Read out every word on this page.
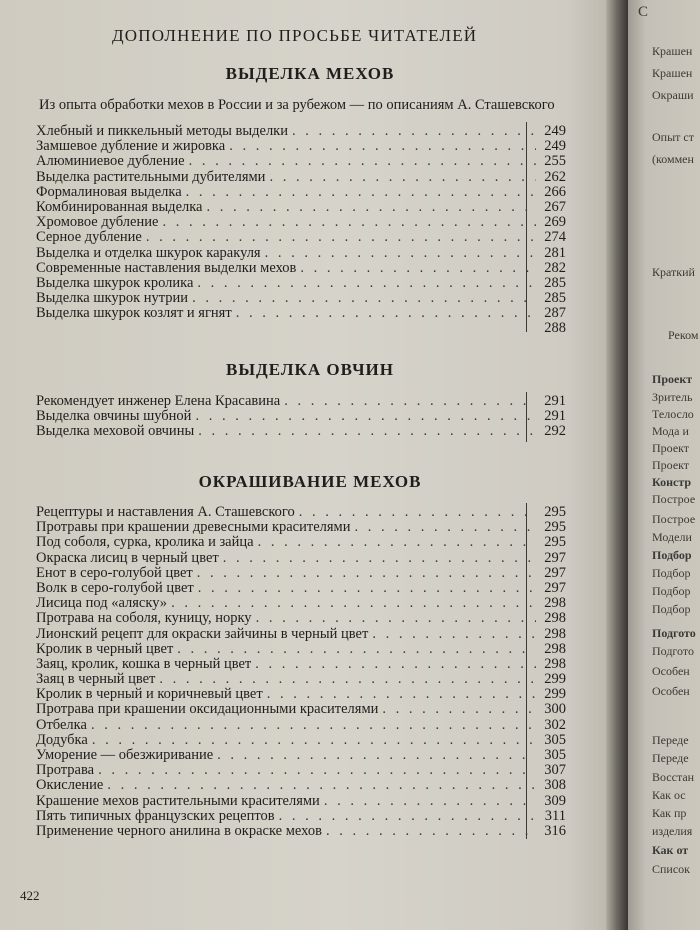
ДОПОЛНЕНИЕ ПО ПРОСЬБЕ ЧИТАТЕЛЕЙ
ВЫДЕЛКА МЕХОВ
Из опыта обработки мехов в России и за рубежом — по описаниям А. Сташевского
Хлебный и пиккельный методы выделки . . .	249
Замшевое дубление и жировка . . .	249
Алюминиевое дубление . . .	255
Выделка растительными дубителями . . .	262
Формалиновая выделка . . .	266
Комбинированная выделка . . .	267
Хромовое дубление . . .	269
Серное дубление . . .	274
Выделка и отделка шкурок каракуля . . .	281
Современные наставления выделки мехов . . .	282
Выделка шкурок кролика . . .	285
Выделка шкурок нутрии . . .	285
Выделка шкурок козлят и ягнят . . .	287
288
ВЫДЕЛКА ОВЧИН
Рекомендует инженер Елена Красавина . . .	291
Выделка овчины шубной . . .	291
Выделка меховой овчины . . .	292
ОКРАШИВАНИЕ МЕХОВ
Рецептуры и наставления А. Сташевского . . .	295
Протравы при крашении древесными красителями . . .	295
Под соболя, сурка, кролика и зайца . . .	295
Окраска лисиц в черный цвет . . .	297
Енот в серо-голубой цвет . . .	297
Волк в серо-голубой цвет . . .	297
Лисица под «аляску» . . .	298
Протрава на соболя, куницу, норку . . .	298
Лионский рецепт для окраски зайчины в черный цвет . . .	298
Кролик в черный цвет . . .	298
Заяц, кролик, кошка в черный цвет . . .	298
Заяц в черный цвет . . .	299
Кролик в черный и коричневый цвет . . .	299
Протрава при крашении оксидационными красителями . . .	300
Отбелка . . .	302
Додубка . . .	305
Уморение — обезжиривание . . .	305
Протрава . . .	307
Окисление . . .	308
Крашение мехов растительными красителями . . .	309
Пять типичных французских рецептов . . .	311
Применение черного анилина в окраске мехов . . .	316
422
С
Крашен
Крашен
Окраши
Опыт ст
(коммен
Краткий
Реком
Проект
Зритель
Телосло
Мода и
Проект
Проект
Констр
Построе
Построе
Модели
Подбор
Подбор
Подбор
Подбор
Подгото
Подгото
Особен
Особен
Переде
Переде
Восстан
Как ос
Как пр
изделия
Как от
Список
